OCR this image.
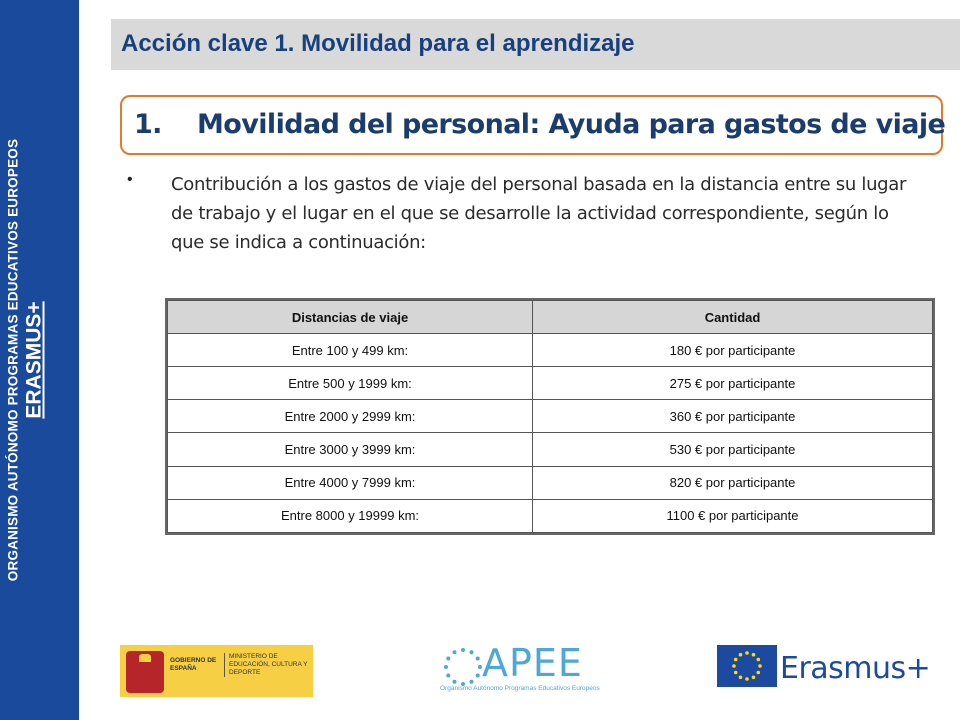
ORGANISMO AUTÓNOMO PROGRAMAS EDUCATIVOS EUROPEOS ERASMUS+
Acción clave 1. Movilidad para el aprendizaje
1.    Movilidad del personal: Ayuda para gastos de viaje
• Contribución a los gastos de viaje del personal basada en la distancia entre su lugar de trabajo y el lugar en el que se desarrolle la actividad correspondiente, según lo que se indica a continuación:
Distancias de viaje	Cantidad
Entre 100 y 499 km:	180 € por participante
Entre 500 y 1999 km:	275 € por participante
Entre 2000 y 2999 km:	360 € por participante
Entre 3000 y 3999 km:	530 € por participante
Entre 4000 y 7999 km:	820 € por participante
Entre 8000 y 19999 km:	1100 € por participante
GOBIERNO DE ESPAÑA
MINISTERIO DE EDUCACIÓN, CULTURA Y DEPORTE	APEE
Organismo Autónomo Programas Educativos Europeos
Erasmus+
